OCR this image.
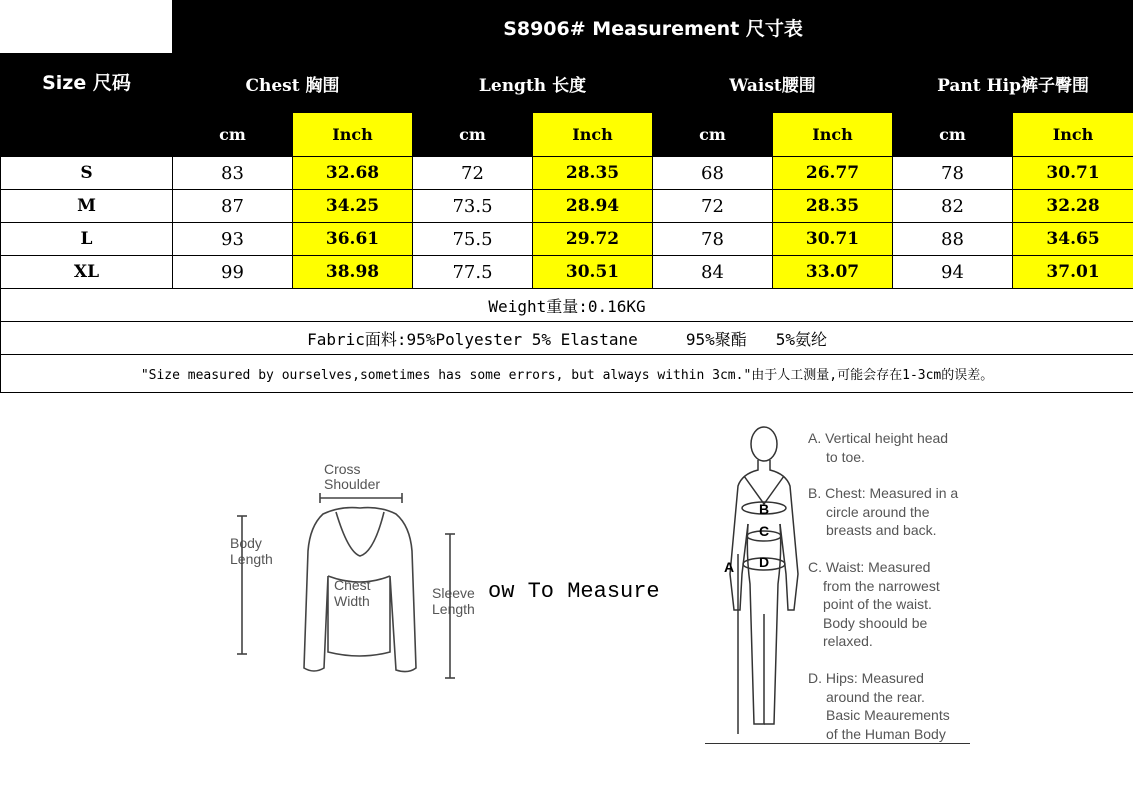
	S8906# Measurement 尺寸表							
Size 尺码	Chest 胸围		Length 长度		Waist腰围		Pant Hip裤子臀围	
	cm	Inch	cm	Inch	cm	Inch	cm	Inch
S	83	32.68	72	28.35	68	26.77	78	30.71
M	87	34.25	73.5	28.94	72	28.35	82	32.28
L	93	36.61	75.5	29.72	78	30.71	88	34.65
XL	99	38.98	77.5	30.51	84	33.07	94	37.01
Weight重量:0.16KG								
Fabric面料:95%Polyester 5% Elastane     95%聚酯   5%氨纶								
"Size measured by ourselves,sometimes has some errors, but always within 3cm."由于人工测量,可能会存在1-3cm的误差。								
Cross
Shoulder
Body
Length
Chest
Width	Sleeve
Length
ow To Measure
A
B
C
D
A. Vertical height head
to toe.
B. Chest: Measured in a
circle around the
breasts and back.
C. Waist: Measured
from the narrowest
point of the waist.
Body shoould be
relaxed.
D. Hips: Measured
around the rear.
Basic Meaurements
of the Human Body
